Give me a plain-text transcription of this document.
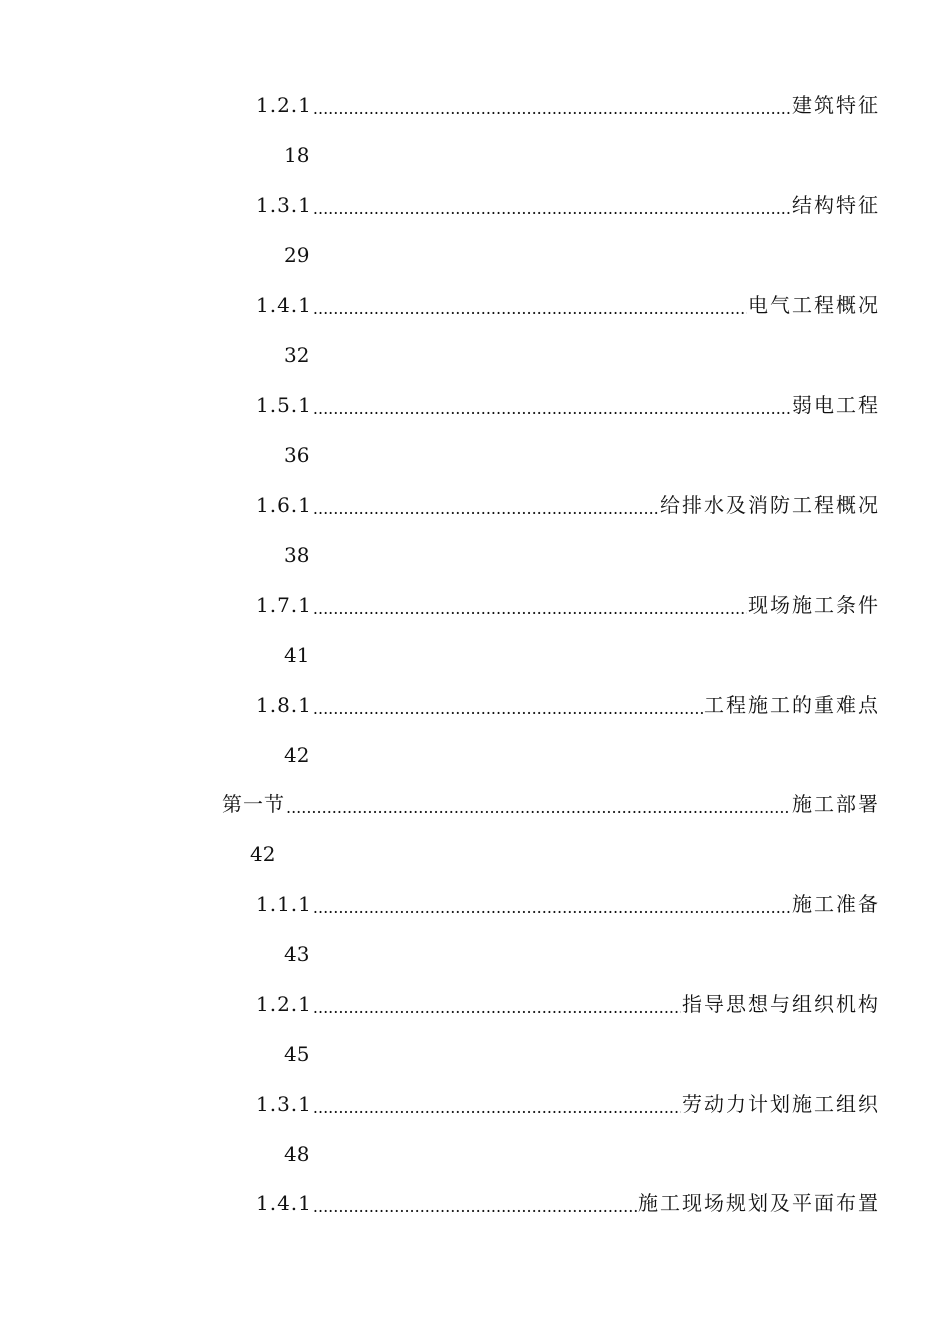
1.2.1 .....	建筑特征
18
1.3.1 .....	结构特征
29
1.4.1 .....	电气工程概况
32
1.5.1 .....	弱电工程
36
1.6.1 .....	给排水及消防工程概况
38
1.7.1 .....	现场施工条件
41
1.8.1 .....	工程施工的重难点
42
第一节 .....	施工部署
42
1.1.1 .....	施工准备
43
1.2.1 .....	指导思想与组织机构
45
1.3.1 .....	劳动力计划施工组织
48
1.4.1 .....	施工现场规划及平面布置
